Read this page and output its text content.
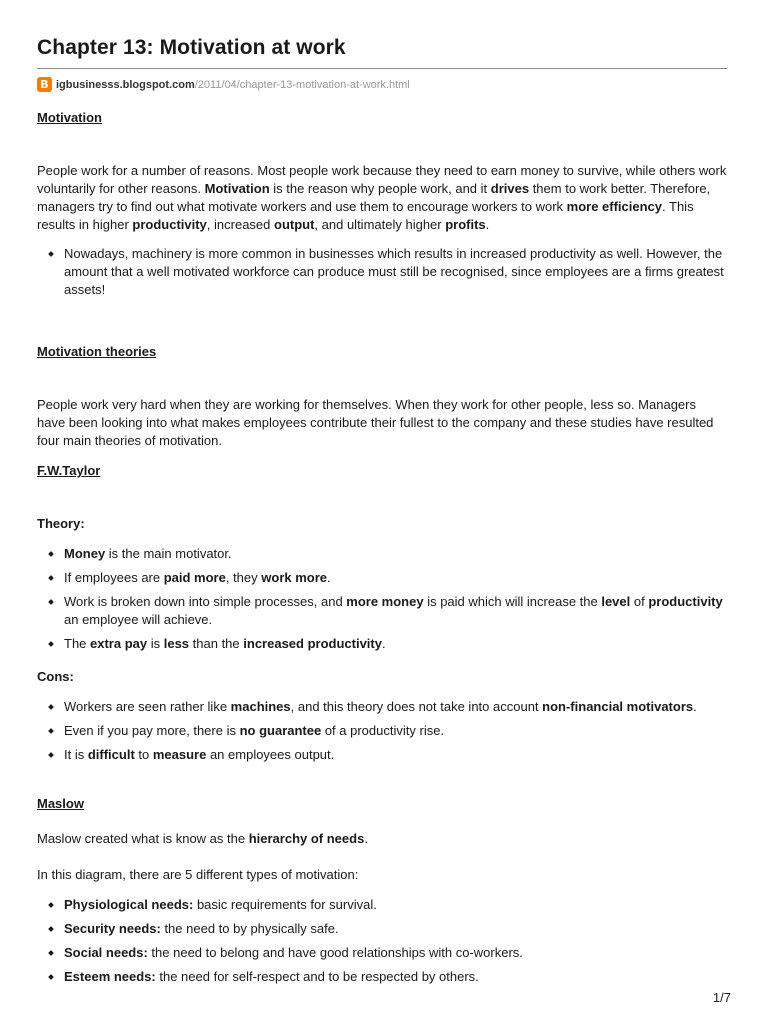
Chapter 13: Motivation at work
B igbusinesss.blogspot.com /2011/04/chapter-13-motivation-at-work.html
Motivation
People work for a number of reasons. Most people work because they need to earn money to survive, while others work voluntarily for other reasons. Motivation is the reason why people work, and it drives them to work better. Therefore, managers try to find out what motivate workers and use them to encourage workers to work more efficiency. This results in higher productivity, increased output, and ultimately higher profits.
Nowadays, machinery is more common in businesses which results in increased productivity as well. However, the amount that a well motivated workforce can produce must still be recognised, since employees are a firms greatest assets!
Motivation theories
People work very hard when they are working for themselves. When they work for other people, less so. Managers have been looking into what makes employees contribute their fullest to the company and these studies have resulted four main theories of motivation.
F.W.Taylor
Theory:
Money is the main motivator.
If employees are paid more, they work more.
Work is broken down into simple processes, and more money is paid which will increase the level of productivity an employee will achieve.
The extra pay is less than the increased productivity.
Cons:
Workers are seen rather like machines, and this theory does not take into account non-financial motivators.
Even if you pay more, there is no guarantee of a productivity rise.
It is difficult to measure an employees output.
Maslow
Maslow created what is know as the hierarchy of needs.
In this diagram, there are 5 different types of motivation:
Physiological needs: basic requirements for survival.
Security needs: the need to by physically safe.
Social needs: the need to belong and have good relationships with co-workers.
Esteem needs: the need for self-respect and to be respected by others.
1/7
